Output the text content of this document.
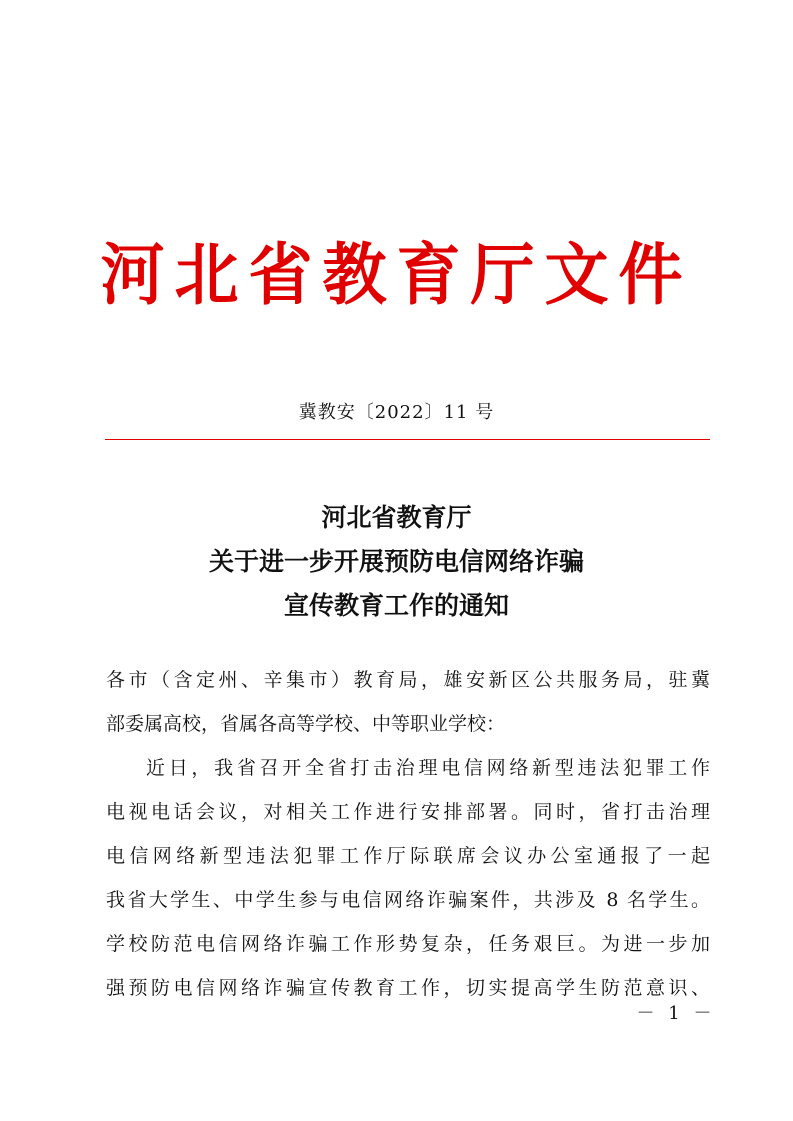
河北省教育厅文件
冀教安〔2022〕11 号
河北省教育厅
关于进一步开展预防电信网络诈骗
宣传教育工作的通知
各市（含定州、辛集市）教育局，雄安新区公共服务局，驻冀
部委属高校，省属各高等学校、中等职业学校：
近日，我省召开全省打击治理电信网络新型违法犯罪工作
电视电话会议，对相关工作进行安排部署。同时，省打击治理
电信网络新型违法犯罪工作厅际联席会议办公室通报了一起
我省大学生、中学生参与电信网络诈骗案件，共涉及 8 名学生。
学校防范电信网络诈骗工作形势复杂，任务艰巨。为进一步加
强预防电信网络诈骗宣传教育工作，切实提高学生防范意识、
－ 1 －
